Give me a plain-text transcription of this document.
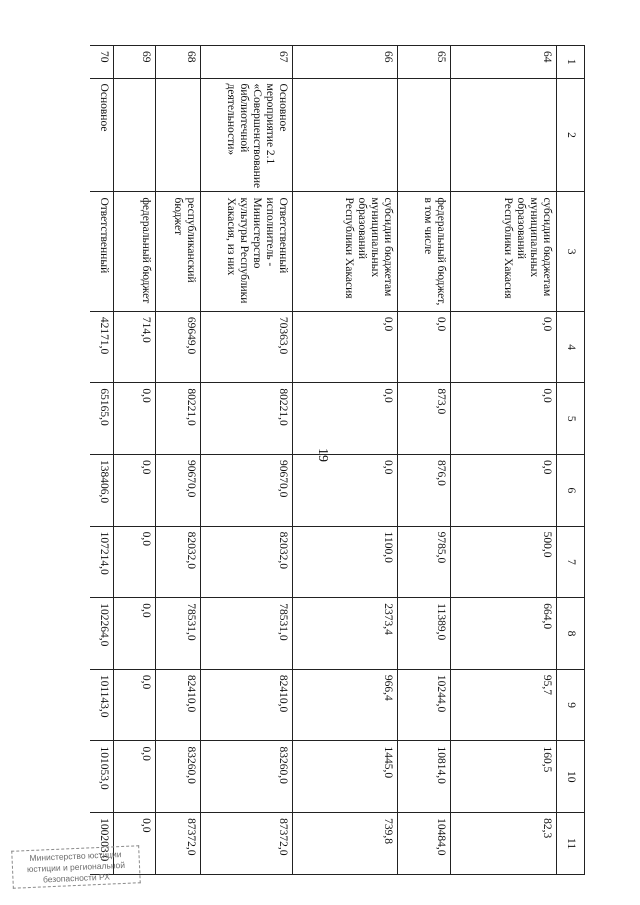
19
1	2	3	4	5	6	7	8	9	10	11
64		субсидии бюджетам муниципальных образований Республики Хакасия	0,0	0,0	0,0	500,0	664,0	95,7	160,5	82,3
65		федеральный бюджет, в том числе	0,0	873,0	876,0	9785,0	11389,0	10244,0	10814,0	10484,0
66		субсидии бюджетам муниципальных образований Республики Хакасия	0,0	0,0	0,0	1100,0	2373,4	966,4	1445,0	739,8
67	Основное мероприятие 2.1 «Совершенствование библиотечной деятельности»	Ответственный исполнитель - Министерство культуры Республики Хакасия, из них	70363,0	80221,0	90670,0	82032,0	78531,0	82410,0	83260,0	87372,0
68		республиканский бюджет	69649,0	80221,0	90670,0	82032,0	78531,0	82410,0	83260,0	87372,0
69		федеральный бюджет	714,0	0,0	0,0	0,0	0,0	0,0	0,0	0,0
70	Основное	Ответственный	42171,0	65165,0	138406,0	107214,0	102264,0	101143,0	101053,0	100203,0
Министерство юстиции
юстиции и региональной
безопасности РХ
